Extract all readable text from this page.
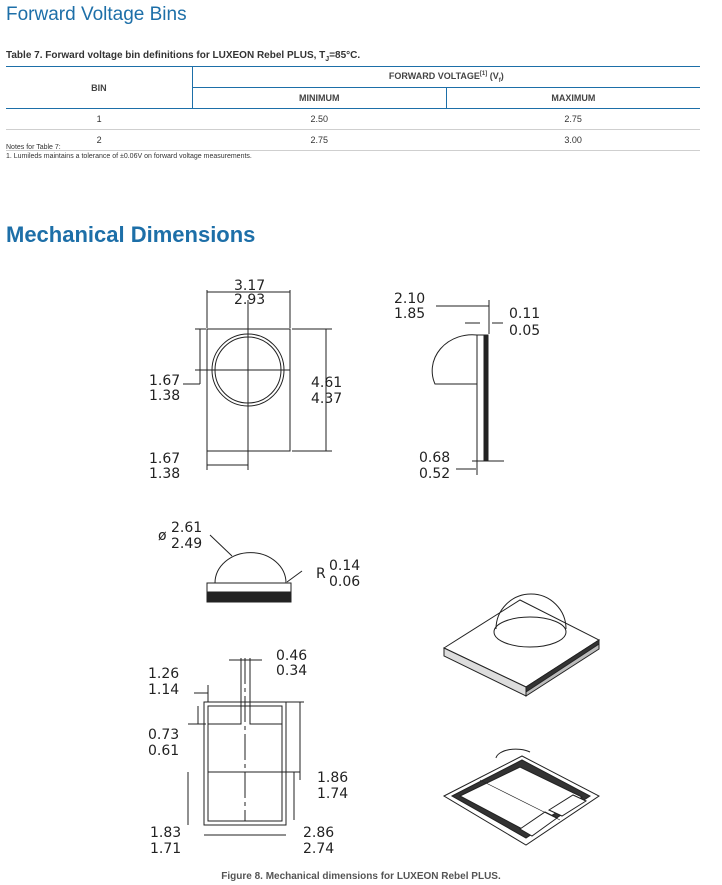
Forward Voltage Bins
Table 7. Forward voltage bin definitions for LUXEON Rebel PLUS, $T_J=85^\circ C$.
BIN	FORWARD VOLTAGE[1] $(V_f)$	
	MINIMUM	MAXIMUM
1	2.50	2.75
2	2.75	3.00
Notes for Table 7:
1. Lumileds maintains a tolerance of ±0.06V on forward voltage measurements.
Mechanical Dimensions
3.17
2.93
4.61
4.37
1.67
1.38
1.67
1.38
2.10
1.85	0.11
0.05
0.68
0.52
ø 2.61
2.49
R 0.14
0.06
0.46
0.34
1.26
1.14
0.73
0.61
1.86
1.74
1.83
1.71
2.86
2.74
Figure 8. Mechanical dimensions for LUXEON Rebel PLUS.
